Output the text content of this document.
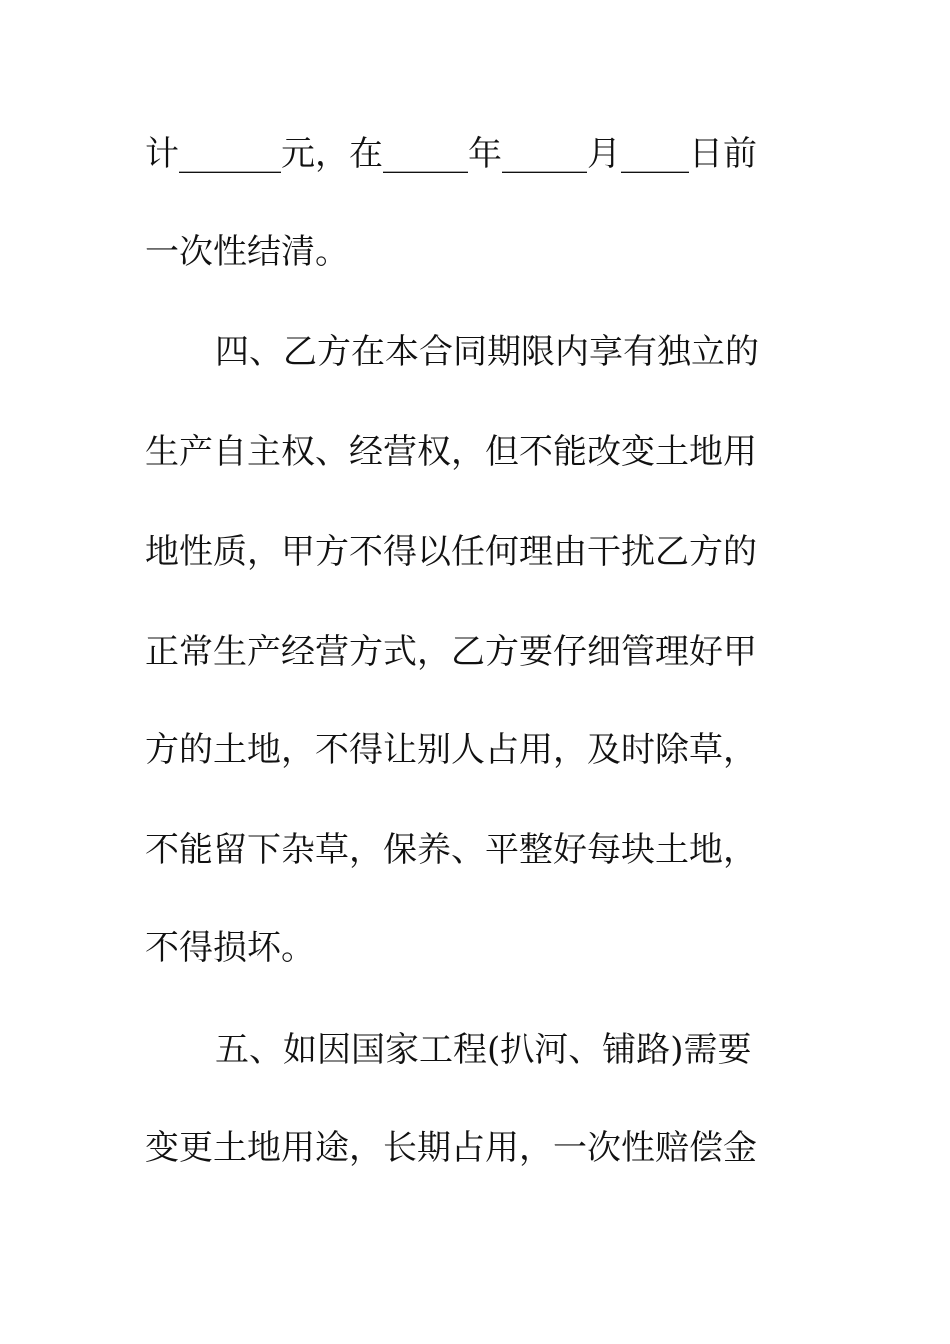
计______元，在_____年_____月____日前
一次性结清。
四、乙方在本合同期限内享有独立的
生产自主权、经营权，但不能改变土地用
地性质，甲方不得以任何理由干扰乙方的
正常生产经营方式，乙方要仔细管理好甲
方的土地，不得让别人占用，及时除草，
不能留下杂草，保养、平整好每块土地，
不得损坏。
五、如因国家工程(扒河、铺路)需要
变更土地用途，长期占用，一次性赔偿金
